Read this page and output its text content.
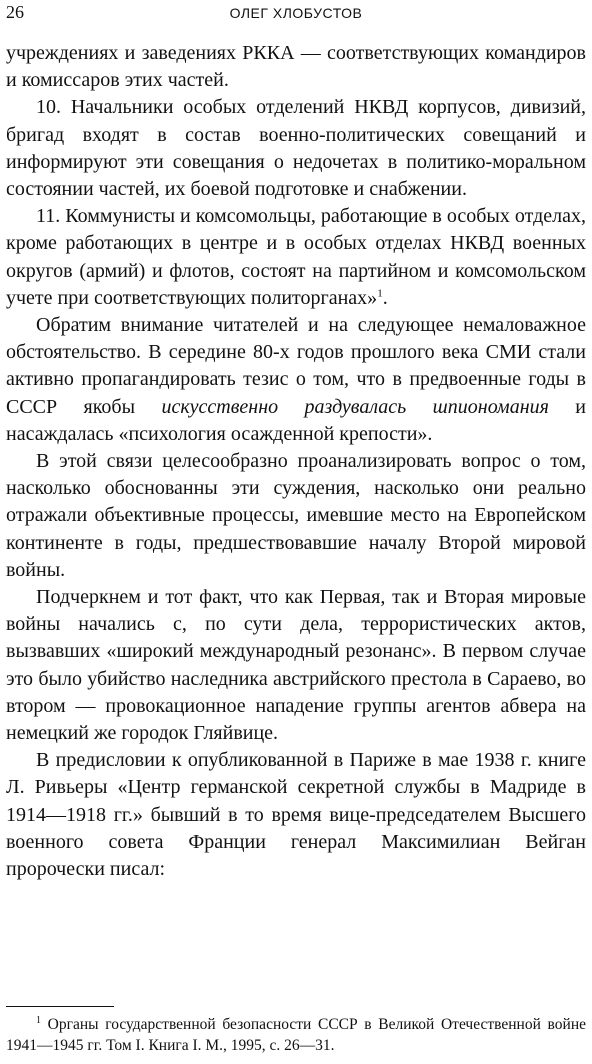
26	ОЛЕГ ХЛОБУСТОВ

учреждениях и заведениях РККА — соответствующих командиров и комиссаров этих частей.

10. Начальники особых отделений НКВД корпусов, дивизий, бригад входят в состав военно-политических совещаний и информируют эти совещания о недочетах в политико-моральном состоянии частей, их боевой подготовке и снабжении.

11. Коммунисты и комсомольцы, работающие в особых отделах, кроме работающих в центре и в особых отделах НКВД военных округов (армий) и флотов, состоят на партийном и комсомольском учете при соответствующих политорганах»$^1$.

Обратим внимание читателей и на следующее немаловажное обстоятельство. В середине 80-х годов прошлого века СМИ стали активно пропагандировать тезис о том, что в предвоенные годы в СССР якобы искусственно раздувалась шпиономания и насаждалась «психология осажденной крепости».

В этой связи целесообразно проанализировать вопрос о том, насколько обоснованны эти суждения, насколько они реально отражали объективные процессы, имевшие место на Европейском континенте в годы, предшествовавшие началу Второй мировой войны.

Подчеркнем и тот факт, что как Первая, так и Вторая мировые войны начались с, по сути дела, террористических актов, вызвавших «широкий международный резонанс». В первом случае это было убийство наследника австрийского престола в Сараево, во втором — провокационное нападение группы агентов абвера на немецкий же городок Гляйвице.

В предисловии к опубликованной в Париже в мае 1938 г. книге Л. Ривьеры «Центр германской секретной службы в Мадриде в 1914—1918 гг.» бывший в то время вице-председателем Высшего военного совета Франции генерал Максимилиан Вейган пророчески писал:

$^1$ Органы государственной безопасности СССР в Великой Отечественной войне 1941—1945 гг. Том I. Книга I. М., 1995, с. 26—31.
